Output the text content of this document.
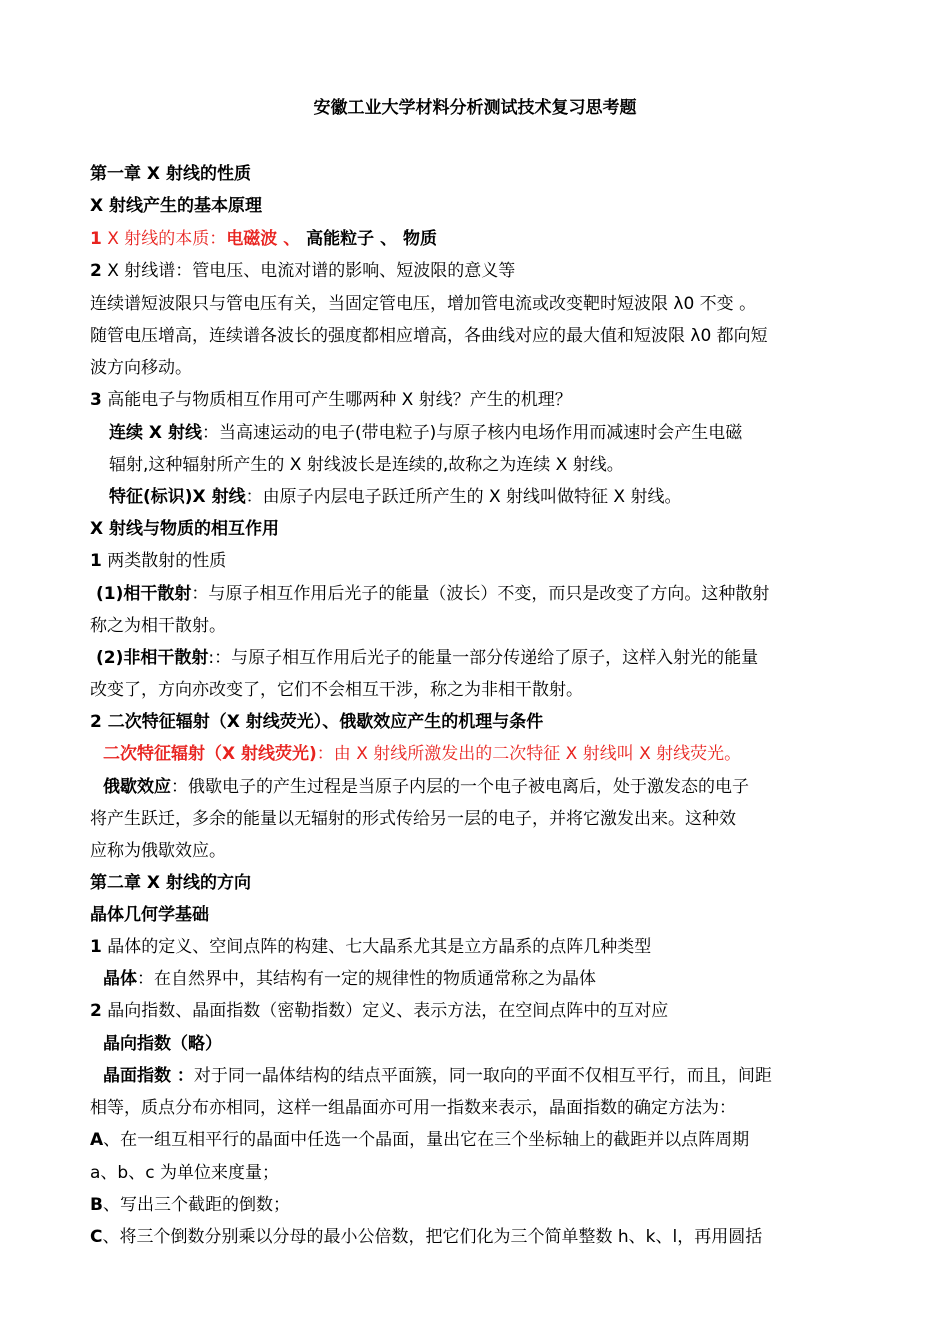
安徽工业大学材料分析测试技术复习思考题
第一章 X 射线的性质
X 射线产生的基本原理
1 X 射线的本质：电磁波 、 高能粒子 、 物质
2 X 射线谱：管电压、电流对谱的影响、短波限的意义等
连续谱短波限只与管电压有关，当固定管电压，增加管电流或改变靶时短波限 λ0 不变 。
随管电压增高，连续谱各波长的强度都相应增高，各曲线对应的最大值和短波限 λ0 都向短
波方向移动。
3 高能电子与物质相互作用可产生哪两种 X 射线？产生的机理？
连续 X 射线：当高速运动的电子(带电粒子)与原子核内电场作用而减速时会产生电磁
辐射,这种辐射所产生的 X 射线波长是连续的,故称之为连续 X 射线。
特征(标识)X 射线：由原子内层电子跃迁所产生的 X 射线叫做特征 X 射线。
X 射线与物质的相互作用
1 两类散射的性质
(1)相干散射：与原子相互作用后光子的能量（波长）不变，而只是改变了方向。这种散射
称之为相干散射。
(2)非相干散射:：与原子相互作用后光子的能量一部分传递给了原子，这样入射光的能量
改变了，方向亦改变了，它们不会相互干涉，称之为非相干散射。
2 二次特征辐射（X 射线荧光）、俄歇效应产生的机理与条件
二次特征辐射（X 射线荧光)：由 X 射线所激发出的二次特征 X 射线叫 X 射线荧光。
俄歇效应：俄歇电子的产生过程是当原子内层的一个电子被电离后，处于激发态的电子
将产生跃迁，多余的能量以无辐射的形式传给另一层的电子，并将它激发出来。这种效
应称为俄歇效应。
第二章 X 射线的方向
晶体几何学基础
1 晶体的定义、空间点阵的构建、七大晶系尤其是立方晶系的点阵几种类型
晶体：在自然界中，其结构有一定的规律性的物质通常称之为晶体
2 晶向指数、晶面指数（密勒指数）定义、表示方法，在空间点阵中的互对应
晶向指数（略）
晶面指数 ：对于同一晶体结构的结点平面簇，同一取向的平面不仅相互平行，而且，间距
相等，质点分布亦相同，这样一组晶面亦可用一指数来表示，晶面指数的确定方法为：
A、在一组互相平行的晶面中任选一个晶面，量出它在三个坐标轴上的截距并以点阵周期
a、b、c 为单位来度量；
B、写出三个截距的倒数；
C、将三个倒数分别乘以分母的最小公倍数，把它们化为三个简单整数 h、k、l，再用圆括
